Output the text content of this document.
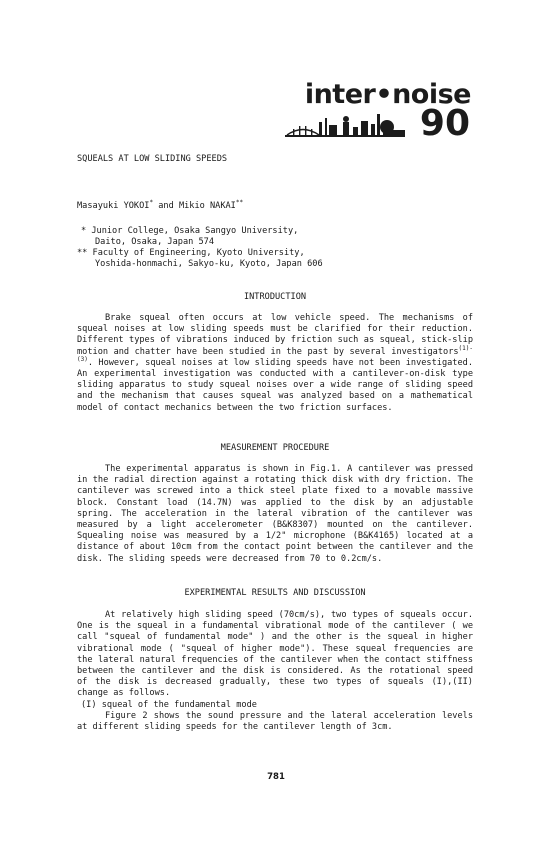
inter•noise
90
SQUEALS AT LOW SLIDING SPEEDS
Masayuki YOKOI* and Mikio NAKAI**
* Junior College, Osaka Sangyo University,
Daito, Osaka, Japan 574
** Faculty of Engineering, Kyoto University,
Yoshida-honmachi, Sakyo-ku, Kyoto, Japan 606
INTRODUCTION
Brake squeal often occurs at low vehicle speed. The mechanisms of squeal noises at low sliding speeds must be clarified for their reduction. Different types of vibrations induced by friction such as squeal, stick-slip motion and chatter have been studied in the past by several investigators$^{(1)-(3)}$. However, squeal noises at low sliding speeds have not been investigated. An experimental investigation was conducted with a cantilever-on-disk type sliding apparatus to study squeal noises over a wide range of sliding speed and the mechanism that causes squeal was analyzed based on a mathematical model of contact mechanics between the two friction surfaces.
MEASUREMENT PROCEDURE
The experimental apparatus is shown in Fig.1. A cantilever was pressed in the radial direction against a rotating thick disk with dry friction. The cantilever was screwed into a thick steel plate fixed to a movable massive block. Constant load (14.7N) was applied to the disk by an adjustable spring. The acceleration in the lateral vibration of the cantilever was measured by a light accelerometer (B&K8307) mounted on the cantilever. Squealing noise was measured by a 1/2" microphone (B&K4165) located at a distance of about 10cm from the contact point between the cantilever and the disk. The sliding speeds were decreased from 70 to 0.2cm/s.
EXPERIMENTAL RESULTS AND DISCUSSION
At relatively high sliding speed (70cm/s), two types of squeals occur. One is the squeal in a fundamental vibrational mode of the cantilever ( we call "squeal of fundamental mode" ) and the other is the squeal in higher vibrational mode ( "squeal of higher mode"). These squeal frequencies are the lateral natural frequencies of the cantilever when the contact stiffness between the cantilever and the disk is considered. As the rotational speed of the disk is decreased gradually, these two types of squeals (I),(II) change as follows.
(I) squeal of the fundamental mode
Figure 2 shows the sound pressure and the lateral acceleration levels at different sliding speeds for the cantilever length of 3cm.
781
